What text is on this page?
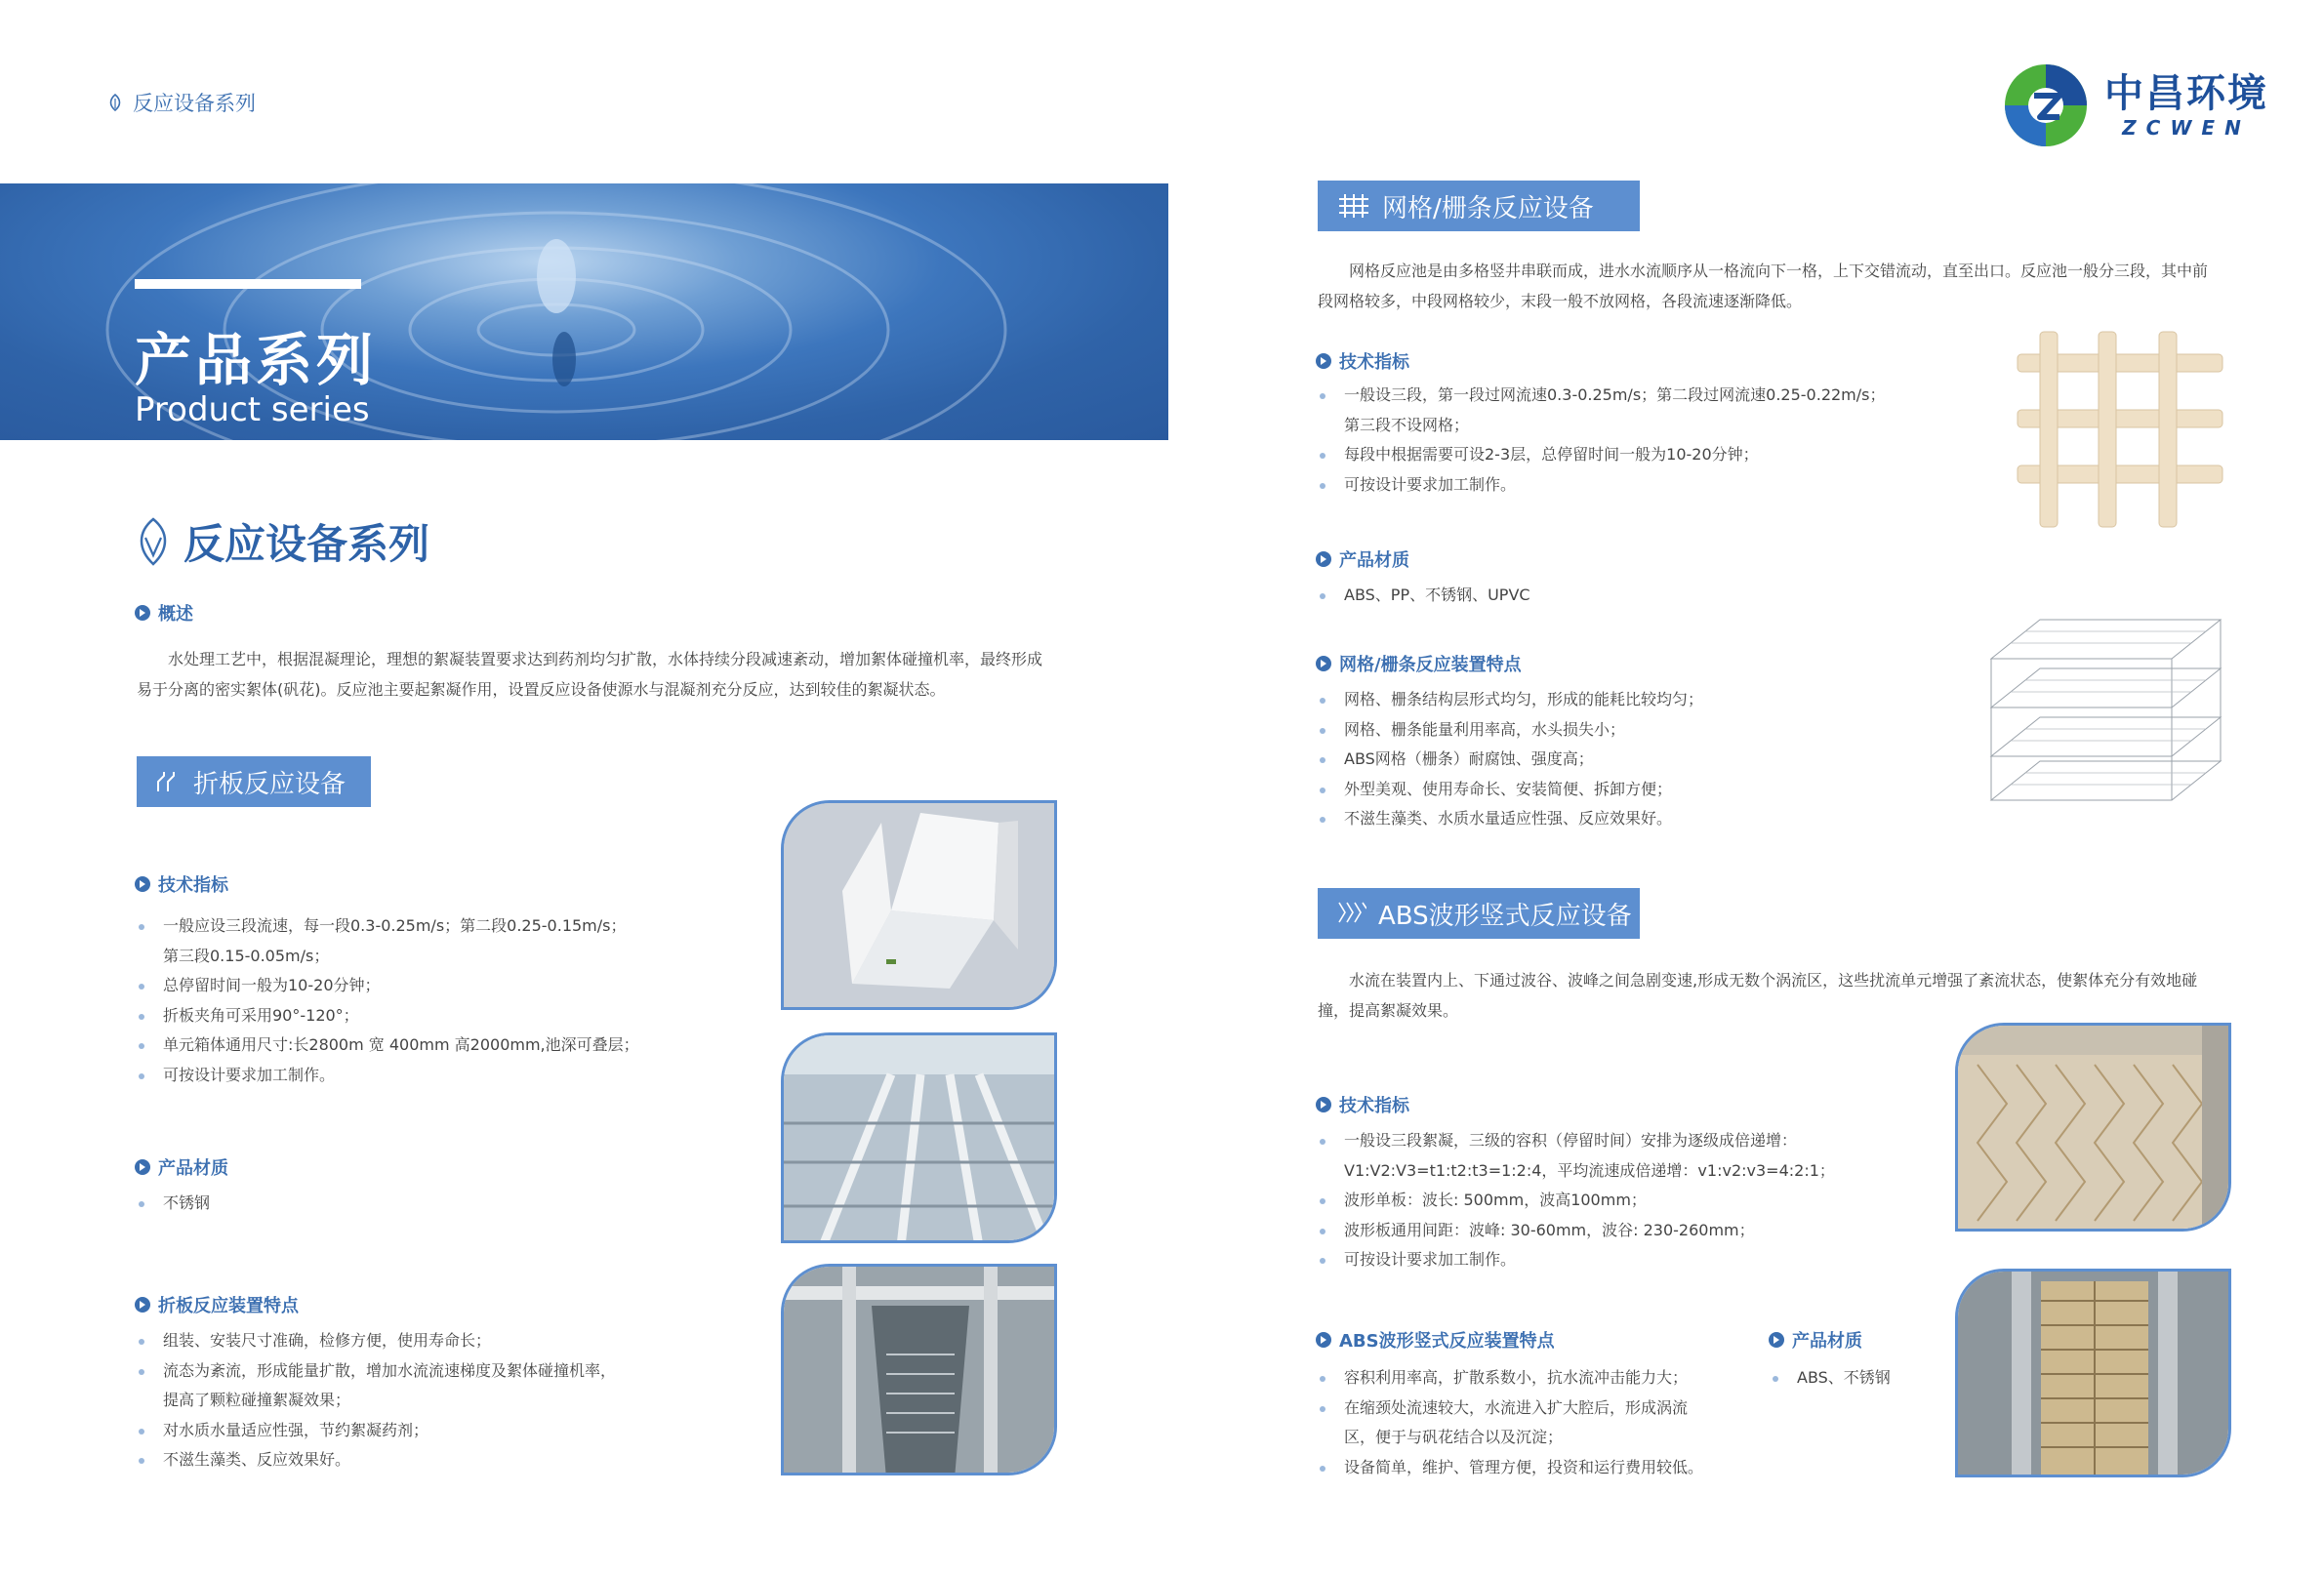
反应设备系列	中昌环境
ZCWEN
产品系列
Product series
反应设备系列
概述
水处理工艺中，根据混凝理论，理想的絮凝装置要求达到药剂均匀扩散，水体持续分段减速紊动，增加絮体碰撞机率，最终形成
易于分离的密实絮体(矾花)。反应池主要起絮凝作用，设置反应设备使源水与混凝剂充分反应，达到较佳的絮凝状态。
折板反应设备
技术指标
一般应设三段流速，每一段0.3-0.25m/s；第二段0.25-0.15m/s；
第三段0.15-0.05m/s；
总停留时间一般为10-20分钟；
折板夹角可采用90°-120°；
单元箱体通用尺寸:长2800m 宽 400mm 高2000mm,池深可叠层；
可按设计要求加工制作。
产品材质
不锈钢
折板反应装置特点
组装、安装尺寸准确，检修方便，使用寿命长；
流态为紊流，形成能量扩散，增加水流流速梯度及絮体碰撞机率，
提高了颗粒碰撞絮凝效果；
对水质水量适应性强，节约絮凝药剂；
不滋生藻类、反应效果好。
网格/栅条反应设备
网格反应池是由多格竖井串联而成，进水水流顺序从一格流向下一格，上下交错流动，直至出口。反应池一般分三段，其中前
段网格较多，中段网格较少，末段一般不放网格，各段流速逐渐降低。
技术指标
一般设三段，第一段过网流速0.3-0.25m/s；第二段过网流速0.25-0.22m/s；
第三段不设网格；
每段中根据需要可设2-3层，总停留时间一般为10-20分钟；
可按设计要求加工制作。
产品材质
ABS、PP、不锈钢、UPVC
网格/栅条反应装置特点
网格、栅条结构层形式均匀，形成的能耗比较均匀；
网格、栅条能量利用率高，水头损失小；
ABS网格（栅条）耐腐蚀、强度高；
外型美观、使用寿命长、安装简便、拆卸方便；
不滋生藻类、水质水量适应性强、反应效果好。
ABS波形竖式反应设备
水流在装置内上、下通过波谷、波峰之间急剧变速,形成无数个涡流区，这些扰流单元增强了紊流状态，使絮体充分有效地碰
撞，提高絮凝效果。
技术指标
一般设三段絮凝，三级的容积（停留时间）安排为逐级成倍递增：
V1:V2:V3=t1:t2:t3=1:2:4，平均流速成倍递增：v1:v2:v3=4:2:1；
波形单板：波长: 500mm，波高100mm；
波形板通用间距：波峰: 30-60mm，波谷: 230-260mm；
可按设计要求加工制作。
ABS波形竖式反应装置特点
容积利用率高，扩散系数小，抗水流冲击能力大；
在缩颈处流速较大，水流进入扩大腔后，形成涡流
区，便于与矾花结合以及沉淀；
设备简单，维护、管理方便，投资和运行费用较低。
产品材质
ABS、不锈钢
